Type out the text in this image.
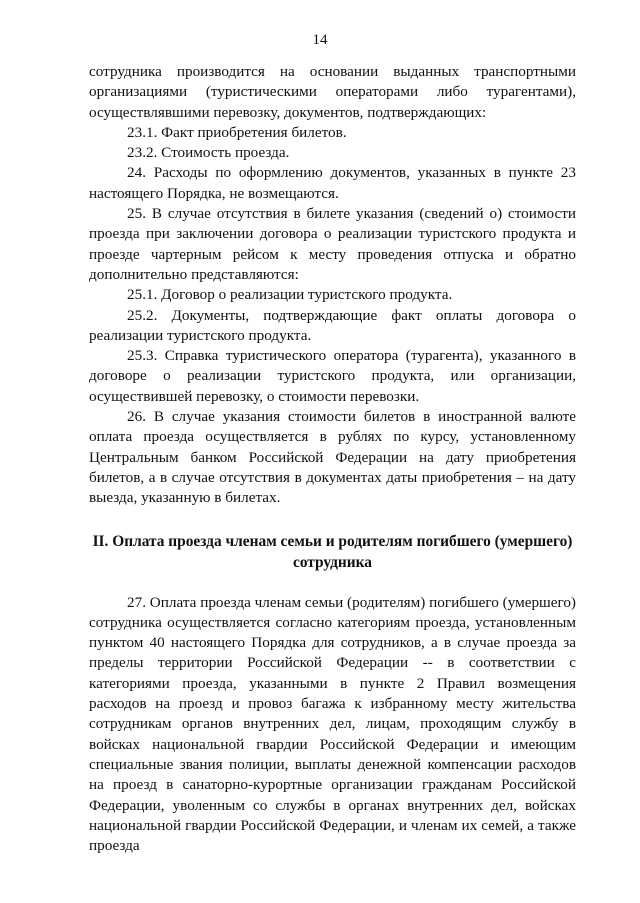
14

сотрудника производится на основании выданных транспортными организациями (туристическими операторами либо турагентами), осуществлявшими перевозку, документов, подтверждающих:

23.1. Факт приобретения билетов.

23.2. Стоимость проезда.

24. Расходы по оформлению документов, указанных в пункте 23 настоящего Порядка, не возмещаются.

25. В случае отсутствия в билете указания (сведений о) стоимости проезда при заключении договора о реализации туристского продукта и проезде чартерным рейсом к месту проведения отпуска и обратно дополнительно представляются:

25.1. Договор о реализации туристского продукта.

25.2. Документы, подтверждающие факт оплаты договора о реализации туристского продукта.

25.3. Справка туристического оператора (турагента), указанного в договоре о реализации туристского продукта, или организации, осуществившей перевозку, о стоимости перевозки.

26. В случае указания стоимости билетов в иностранной валюте оплата проезда осуществляется в рублях по курсу, установленному Центральным банком Российской Федерации на дату приобретения билетов, а в случае отсутствия в документах даты приобретения – на дату выезда, указанную в билетах.

II. Оплата проезда членам семьи и родителям погибшего (умершего) сотрудника

27. Оплата проезда членам семьи (родителям) погибшего (умершего) сотрудника осуществляется согласно категориям проезда, установленным пунктом 40 настоящего Порядка для сотрудников, а в случае проезда за пределы территории Российской Федерации -- в соответствии с категориями проезда, указанными в пункте 2 Правил возмещения расходов на проезд и провоз багажа к избранному месту жительства сотрудникам органов внутренних дел, лицам, проходящим службу в войсках национальной гвардии Российской Федерации и имеющим специальные звания полиции, выплаты денежной компенсации расходов на проезд в санаторно-курортные организации гражданам Российской Федерации, уволенным со службы в органах внутренних дел, войсках национальной гвардии Российской Федерации, и членам их семей, а также проезда
